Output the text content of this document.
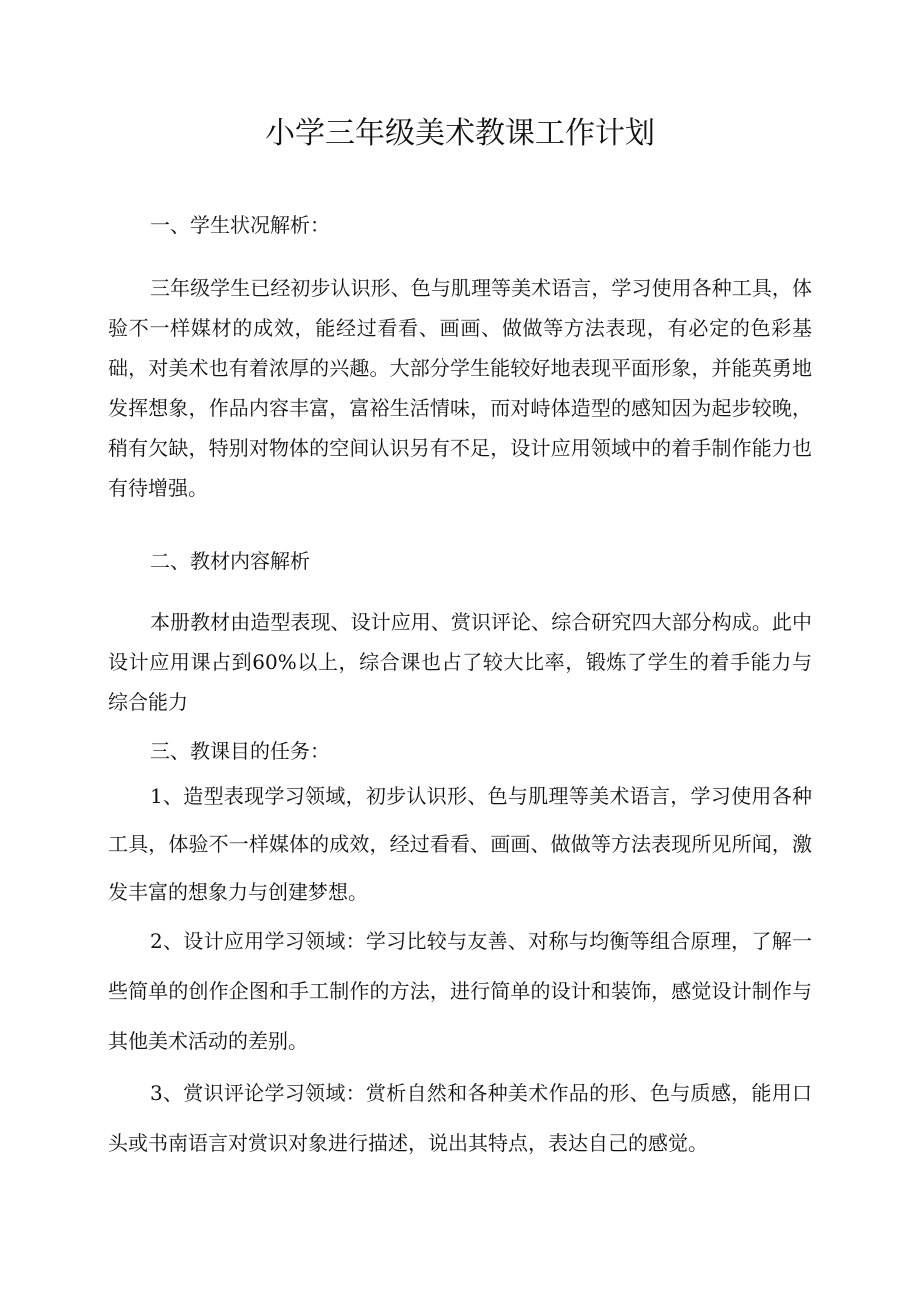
小学三年级美术教课工作计划
一、学生状况解析：
三年级学生已经初步认识形、色与肌理等美术语言，学习使用各种工具，体验不一样媒材的成效，能经过看看、画画、做做等方法表现，有必定的色彩基础，对美术也有着浓厚的兴趣。大部分学生能较好地表现平面形象，并能英勇地发挥想象，作品内容丰富，富裕生活情味，而对峙体造型的感知因为起步较晚，稍有欠缺，特别对物体的空间认识另有不足，设计应用领域中的着手制作能力也有待增强。
二、教材内容解析
本册教材由造型表现、设计应用、赏识评论、综合研究四大部分构成。此中设计应用课占到60%以上，综合课也占了较大比率，锻炼了学生的着手能力与综合能力
三、教课目的任务：
1、造型表现学习领域，初步认识形、色与肌理等美术语言，学习使用各种工具，体验不一样媒体的成效，经过看看、画画、做做等方法表现所见所闻，激发丰富的想象力与创建梦想。
2、设计应用学习领域：学习比较与友善、对称与均衡等组合原理，了解一些简单的创作企图和手工制作的方法，进行简单的设计和装饰，感觉设计制作与其他美术活动的差别。
3、赏识评论学习领域：赏析自然和各种美术作品的形、色与质感，能用口头或书南语言对赏识对象进行描述，说出其特点，表达自己的感觉。
